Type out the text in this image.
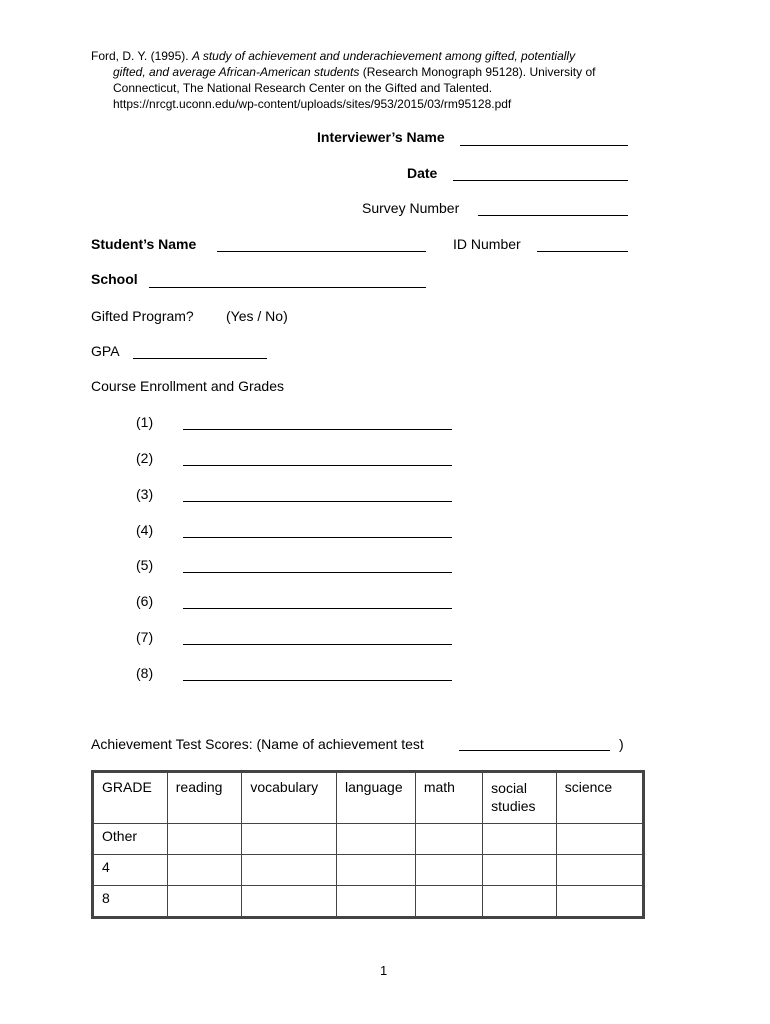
Ford, D. Y. (1995). A study of achievement and underachievement among gifted, potentially
gifted, and average African-American students (Research Monograph 95128). University of
Connecticut, The National Research Center on the Gifted and Talented.
https://nrcgt.uconn.edu/wp-content/uploads/sites/953/2015/03/rm95128.pdf
Interviewer’s Name
Date
Survey Number
Student’s Name	ID Number
School
Gifted Program? (Yes / No)
GPA
Course Enrollment and Grades
(1)
(2)
(3)
(4)
(5)
(6)
(7)
(8)
Achievement Test Scores: (Name of achievement test	)
GRADE	reading	vocabulary	language	math	social studies	science
Other						
4						
8						
1
